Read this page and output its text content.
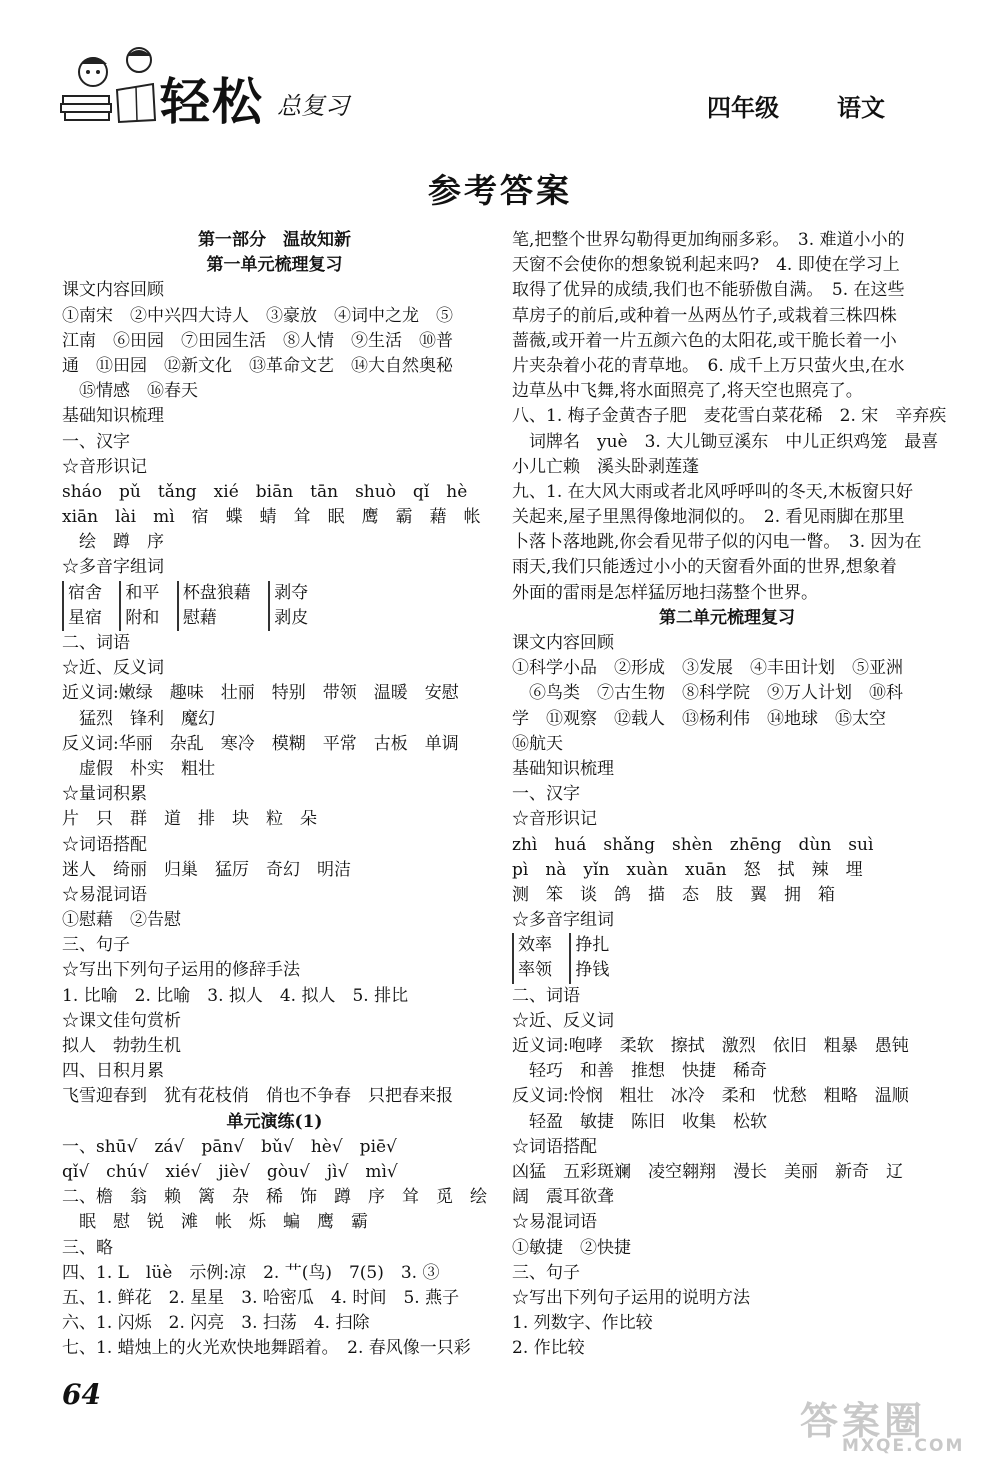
轻松 总复习	四年级 语文
参考答案
第一部分　温故知新
第一单元梳理复习
课文内容回顾
①南宋　②中兴四大诗人　③豪放　④词中之龙　⑤
江南　⑥田园　⑦田园生活　⑧人情　⑨生活　⑩普
通　⑪田园　⑫新文化　⑬革命文艺　⑭大自然奥秘
　⑮情感　⑯春天
基础知识梳理
一、汉字
☆音形识记
sháo　pǔ　tǎng　xié　biān　tān　shuò　qǐ　hè
xiān　lài　mì　宿　蝶　蜻　耸　眠　鹰　霸　藉　帐
　绘　蹲　序
☆多音字组词
宿舍
星宿

和平
附和

杯盘狼藉
慰藉

剥夺
剥皮
二、词语
☆近、反义词
近义词:嫩绿　趣味　壮丽　特别　带领　温暖　安慰
　猛烈　锋利　魔幻
反义词:华丽　杂乱　寒冷　模糊　平常　古板　单调
　虚假　朴实　粗壮
☆量词积累
片　只　群　道　排　块　粒　朵
☆词语搭配
迷人　绮丽　归巢　猛厉　奇幻　明洁
☆易混词语
①慰藉　②告慰
三、句子
☆写出下列句子运用的修辞手法
1. 比喻　2. 比喻　3. 拟人　4. 拟人　5. 排比
☆课文佳句赏析
拟人　勃勃生机
四、日积月累
飞雪迎春到　犹有花枝俏　俏也不争春　只把春来报
单元演练(1)
一、shū√　zá√　pān√　bǔ√　hè√　piē√
qǐ√　chú√　xié√　jiè√　gòu√　jì√　mì√
二、檐　翁　赖　篱　杂　稀　饰　蹲　序　耸　觅　绘
　眠　慰　锐　滩　帐　烁　蝙　鹰　霸
三、略
四、1. L　lüè　示例:凉　2. 艹(鸟)　7(5)　3. ③
五、1. 鲜花　2. 星星　3. 哈密瓜　4. 时间　5. 燕子
六、1. 闪烁　2. 闪亮　3. 扫荡　4. 扫除
七、1. 蜡烛上的火光欢快地舞蹈着。　2. 春风像一只彩
笔,把整个世界勾勒得更加绚丽多彩。　3. 难道小小的
天窗不会使你的想象锐利起来吗?　4. 即使在学习上
取得了优异的成绩,我们也不能骄傲自满。　5. 在这些
草房子的前后,或种着一丛两丛竹子,或栽着三株四株
蔷薇,或开着一片五颜六色的太阳花,或干脆长着一小
片夹杂着小花的青草地。　6. 成千上万只萤火虫,在水
边草丛中飞舞,将水面照亮了,将天空也照亮了。
八、1. 梅子金黄杏子肥　麦花雪白菜花稀　2. 宋　辛弃疾
　词牌名　yuè　3. 大儿锄豆溪东　中儿正织鸡笼　最喜
小儿亡赖　溪头卧剥莲蓬
九、1. 在大风大雨或者北风呼呼叫的冬天,木板窗只好
关起来,屋子里黑得像地洞似的。　2. 看见雨脚在那里
卜落卜落地跳,你会看见带子似的闪电一瞥。　3. 因为在
雨天,我们只能透过小小的天窗看外面的世界,想象着
外面的雷雨是怎样猛厉地扫荡整个世界。
第二单元梳理复习
课文内容回顾
①科学小品　②形成　③发展　④丰田计划　⑤亚洲
　⑥鸟类　⑦古生物　⑧科学院　⑨万人计划　⑩科
学　⑪观察　⑫载人　⑬杨利伟　⑭地球　⑮太空
⑯航天
基础知识梳理
一、汉字
☆音形识记
zhì　huá　shǎng　shèn　zhēng　dùn　suì
pì　nà　yǐn　xuàn　xuān　怒　拭　辣　埋
测　笨　谈　鸽　描　态　肢　翼　拥　箱
☆多音字组词
效率
率领

挣扎
挣钱
二、词语
☆近、反义词
近义词:咆哮　柔软　擦拭　激烈　依旧　粗暴　愚钝
　轻巧　和善　推想　快捷　稀奇
反义词:怜悯　粗壮　冰冷　柔和　忧愁　粗略　温顺
　轻盈　敏捷　陈旧　收集　松软
☆词语搭配
凶猛　五彩斑斓　凌空翱翔　漫长　美丽　新奇　辽
阔　震耳欲聋
☆易混词语
①敏捷　②快捷
三、句子
☆写出下列句子运用的说明方法
1. 列数字、作比较
2. 作比较
64
答案圈
MXQE.COM
